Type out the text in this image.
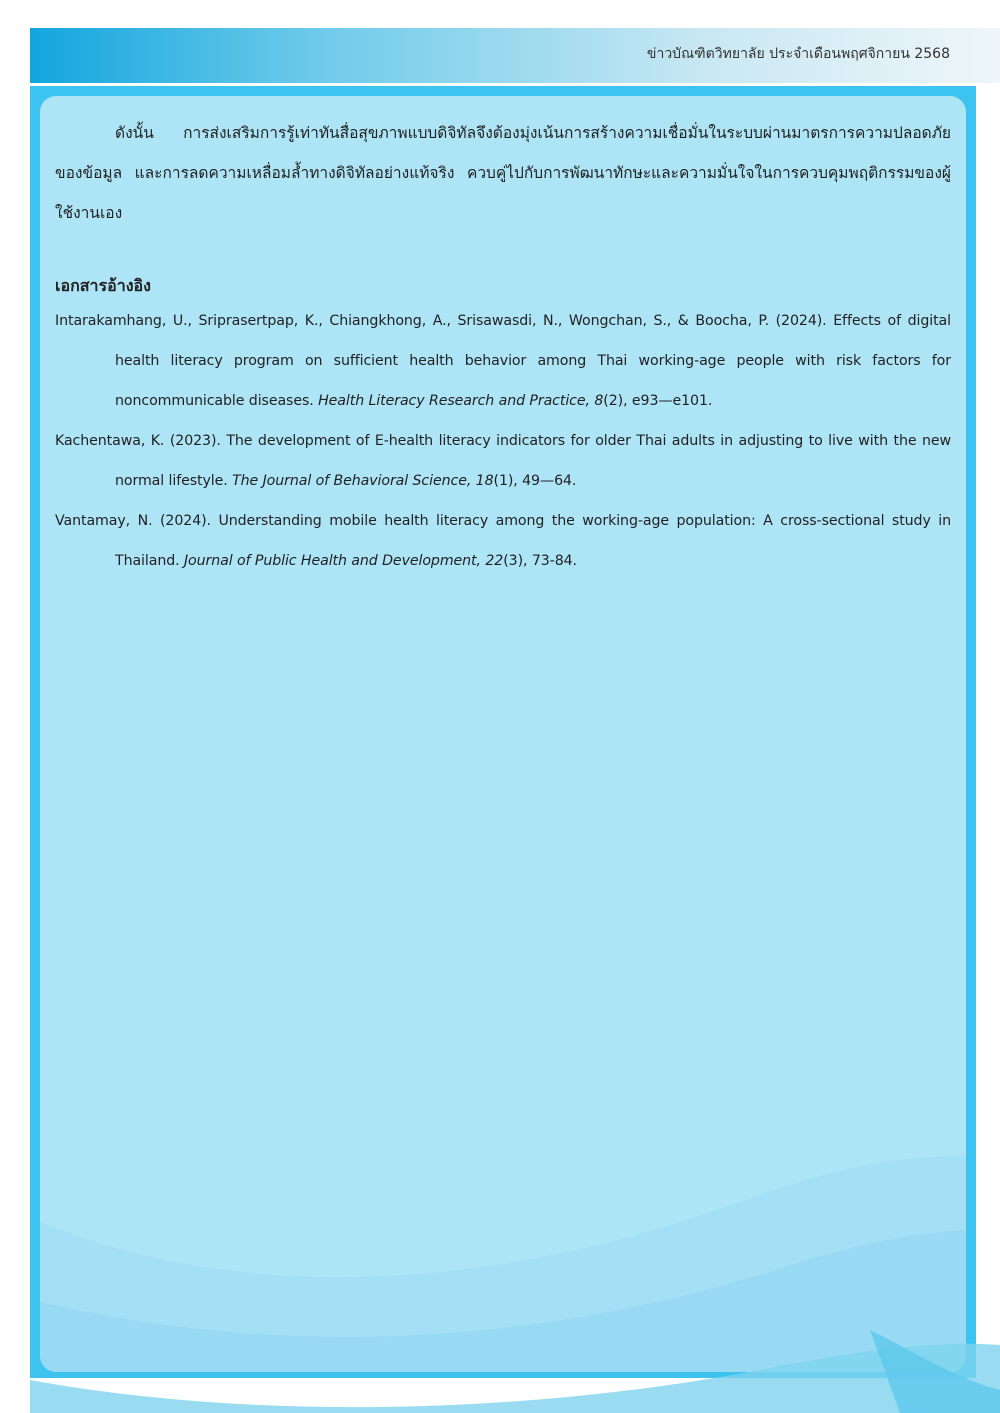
ข่าวบัณฑิตวิทยาลัย ประจำเดือนพฤศจิกายน 2568

ดังนั้น การส่งเสริมการรู้เท่าทันสื่อสุขภาพแบบดิจิทัลจึงต้องมุ่งเน้นการสร้างความเชื่อมั่นในระบบผ่านมาตรการความปลอดภัยของข้อมูล และการลดความเหลื่อมล้ำทางดิจิทัลอย่างแท้จริง ควบคู่ไปกับการพัฒนาทักษะและความมั่นใจในการควบคุมพฤติกรรมของผู้ใช้งานเอง

เอกสารอ้างอิง

Intarakamhang, U., Sriprasertpap, K., Chiangkhong, A., Srisawasdi, N., Wongchan, S., & Boocha, P. (2024). Effects of digital health literacy program on sufficient health behavior among Thai working-age people with risk factors for noncommunicable diseases. Health Literacy Research and Practice, 8(2), e93—e101.

Kachentawa, K. (2023). The development of E-health literacy indicators for older Thai adults in adjusting to live with the new normal lifestyle. The Journal of Behavioral Science, 18(1), 49—64.

Vantamay, N. (2024). Understanding mobile health literacy among the working-age population: A cross-sectional study in Thailand. Journal of Public Health and Development, 22(3), 73-84.
